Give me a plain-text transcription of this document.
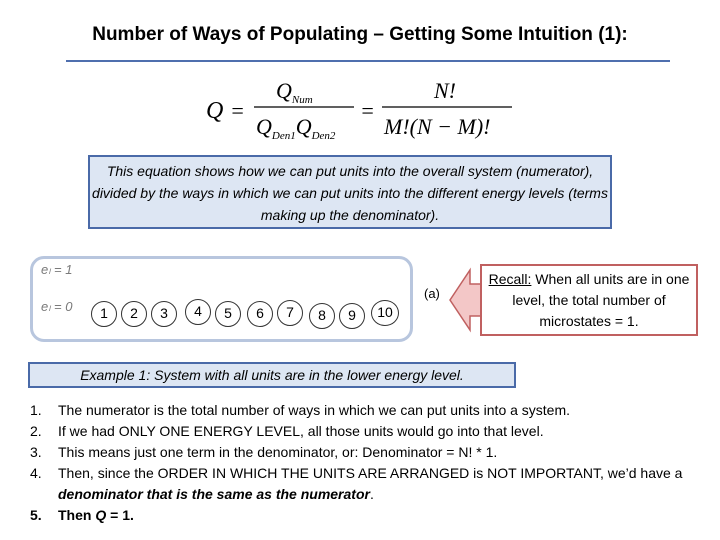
Number of Ways of Populating – Getting Some Intuition (1):
Q =
$Q_{Num}$
$Q_{Den1}Q_{Den2}$
=
N!
M!(N − M)!
This equation shows how we can put units into the overall system (numerator), divided by the ways in which we can put units into the different energy levels (terms making up the denominator).
eₗ = 1
eₗ = 0	1	2	3	4	5	6	7	8	9	10
(a)
Recall: When all units are in one level, the total number of microstates = 1.
Example 1: System with all units are in the lower energy level.
1.	The numerator is the total number of ways in which we can put units into a system.
2.	If we had ONLY ONE ENERGY LEVEL, all those units would go into that level.
3.	This means just one term in the denominator, or: Denominator = N! * 1.
4.	Then, since the ORDER IN WHICH THE UNITS ARE ARRANGED is NOT IMPORTANT, we’d have a denominator that is the same as the numerator.
5.	Then Q = 1.
